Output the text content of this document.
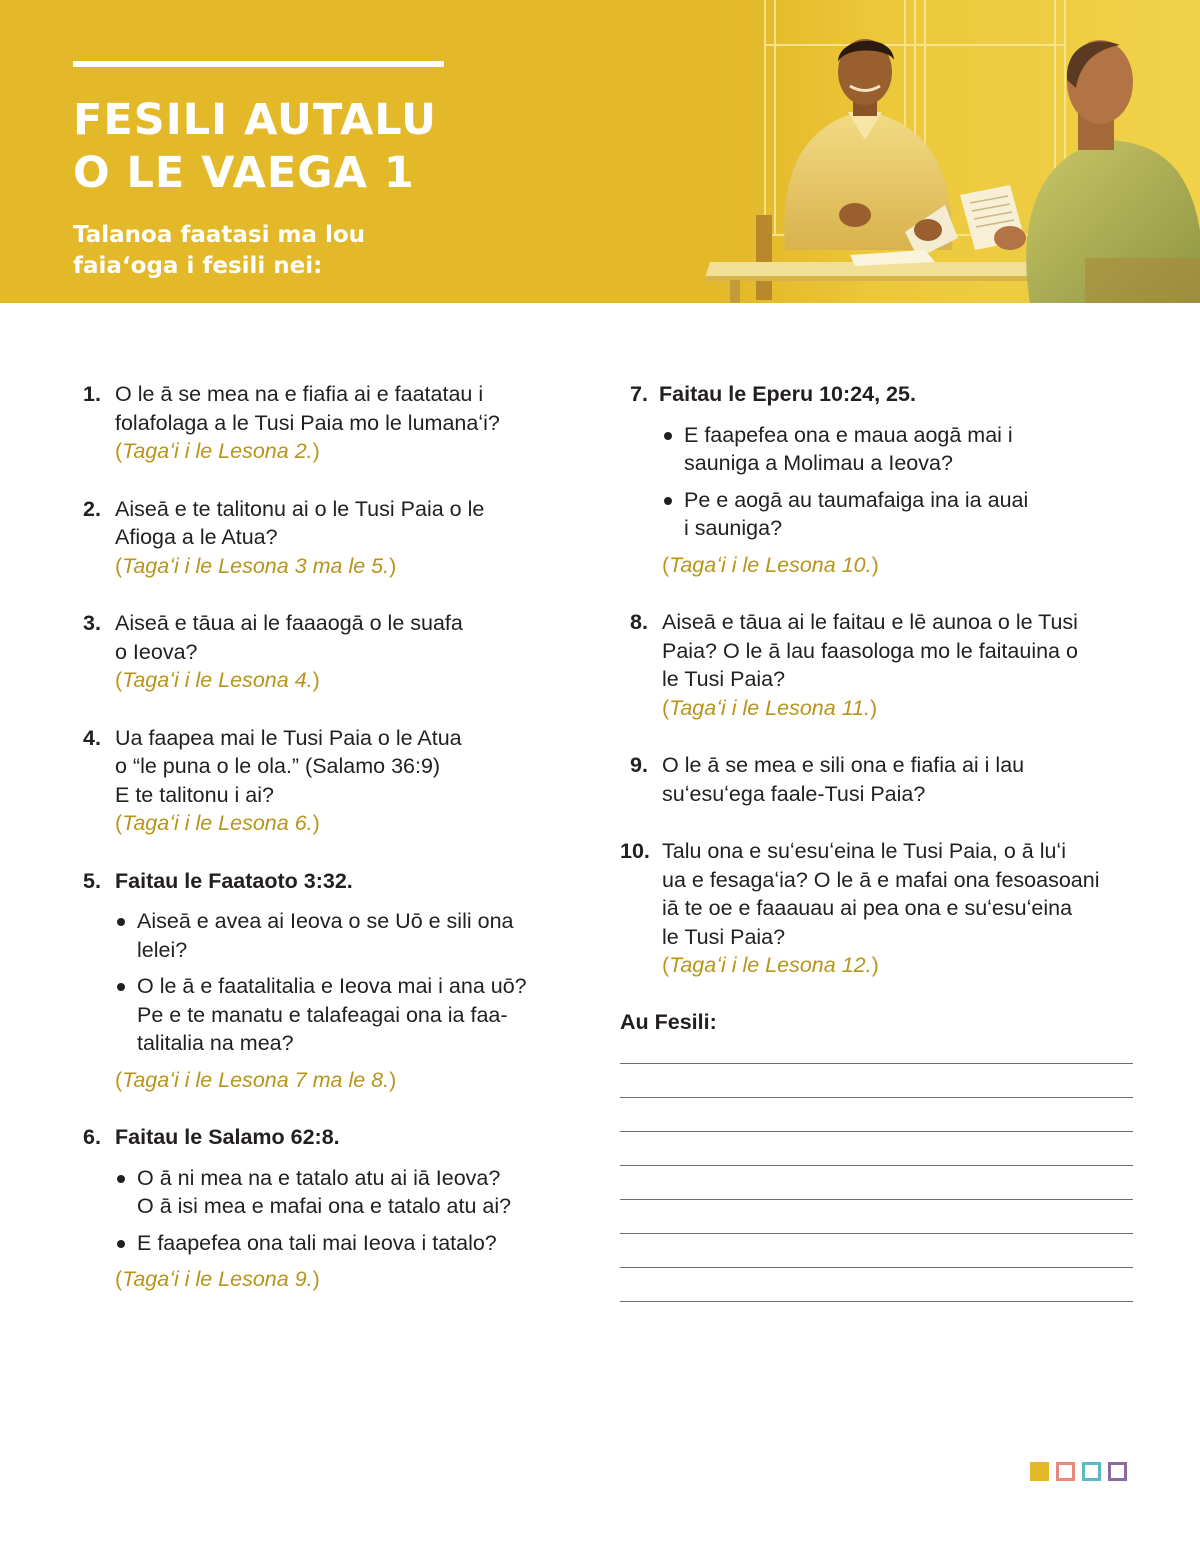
FESILI AUTALU
O LE VAEGA 1
Talanoa faatasi ma lou
faiaʻoga i fesili nei:
1. O le ā se mea na e fiafia ai e faatatau i
folafolaga a le Tusi Paia mo le lumanaʻi?
(Tagaʻi i le Lesona 2.)
2. Aiseā e te talitonu ai o le Tusi Paia o le
Afioga a le Atua?
(Tagaʻi i le Lesona 3 ma le 5.)
3. Aiseā e tāua ai le faaaogā o le suafa
o Ieova?
(Tagaʻi i le Lesona 4.)
4. Ua faapea mai le Tusi Paia o le Atua
o “le puna o le ola.” (Salamo 36:9)
E te talitonu i ai?
(Tagaʻi i le Lesona 6.)
5. Faitau le Faataoto 3:32.
Aiseā e avea ai Ieova o se Uō e sili ona
lelei?
O le ā e faatalitalia e Ieova mai i ana uō?
Pe e te manatu e talafeagai ona ia faa-
talitalia na mea?
(Tagaʻi i le Lesona 7 ma le 8.)
6. Faitau le Salamo 62:8.
O ā ni mea na e tatalo atu ai iā Ieova?
O ā isi mea e mafai ona e tatalo atu ai?
E faapefea ona tali mai Ieova i tatalo?
(Tagaʻi i le Lesona 9.)
7. Faitau le Eperu 10:24, 25.
E faapefea ona e maua aogā mai i
sauniga a Molimau a Ieova?
Pe e aogā au taumafaiga ina ia auai
i sauniga?
(Tagaʻi i le Lesona 10.)
8. Aiseā e tāua ai le faitau e lē aunoa o le Tusi
Paia? O le ā lau faasologa mo le faitauina o
le Tusi Paia?
(Tagaʻi i le Lesona 11.)
9. O le ā se mea e sili ona e fiafia ai i lau
suʻesuʻega faale-Tusi Paia?
10. Talu ona e suʻesuʻeina le Tusi Paia, o ā luʻi
ua e fesagaʻia? O le ā e mafai ona fesoasoani
iā te oe e faaauau ai pea ona e suʻesuʻeina
le Tusi Paia?
(Tagaʻi i le Lesona 12.)
Au Fesili:
